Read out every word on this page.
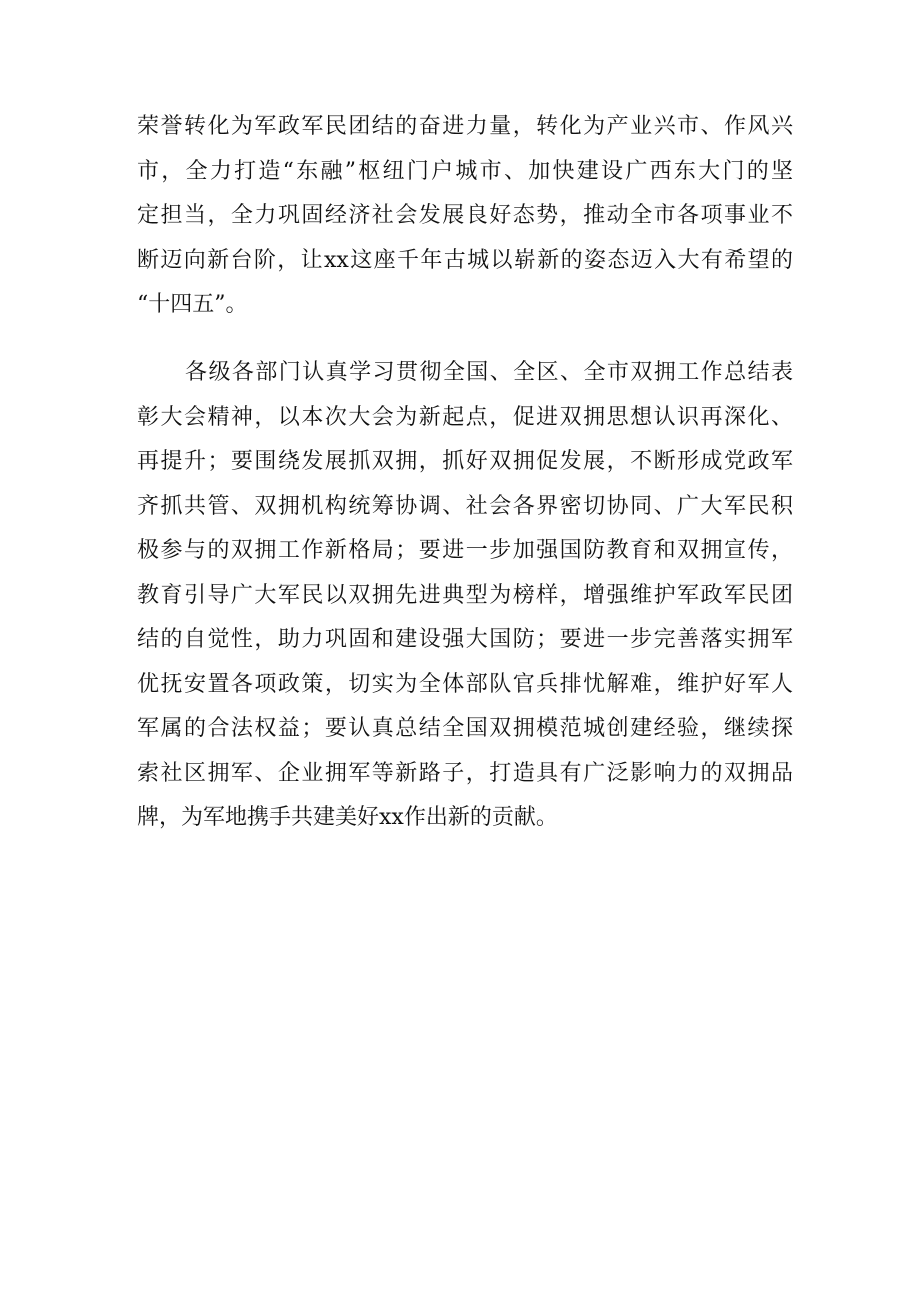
荣誉转化为军政军民团结的奋进力量，转化为产业兴市、作风兴
市，全力打造“东融”枢纽门户城市、加快建设广西东大门的坚
定担当，全力巩固经济社会发展良好态势，推动全市各项事业不
断迈向新台阶，让xx这座千年古城以崭新的姿态迈入大有希望的
“十四五”。
各级各部门认真学习贯彻全国、全区、全市双拥工作总结表
彰大会精神，以本次大会为新起点，促进双拥思想认识再深化、
再提升；要围绕发展抓双拥，抓好双拥促发展，不断形成党政军
齐抓共管、双拥机构统筹协调、社会各界密切协同、广大军民积
极参与的双拥工作新格局；要进一步加强国防教育和双拥宣传，
教育引导广大军民以双拥先进典型为榜样，增强维护军政军民团
结的自觉性，助力巩固和建设强大国防；要进一步完善落实拥军
优抚安置各项政策，切实为全体部队官兵排忧解难，维护好军人
军属的合法权益；要认真总结全国双拥模范城创建经验，继续探
索社区拥军、企业拥军等新路子，打造具有广泛影响力的双拥品
牌，为军地携手共建美好xx作出新的贡献。
